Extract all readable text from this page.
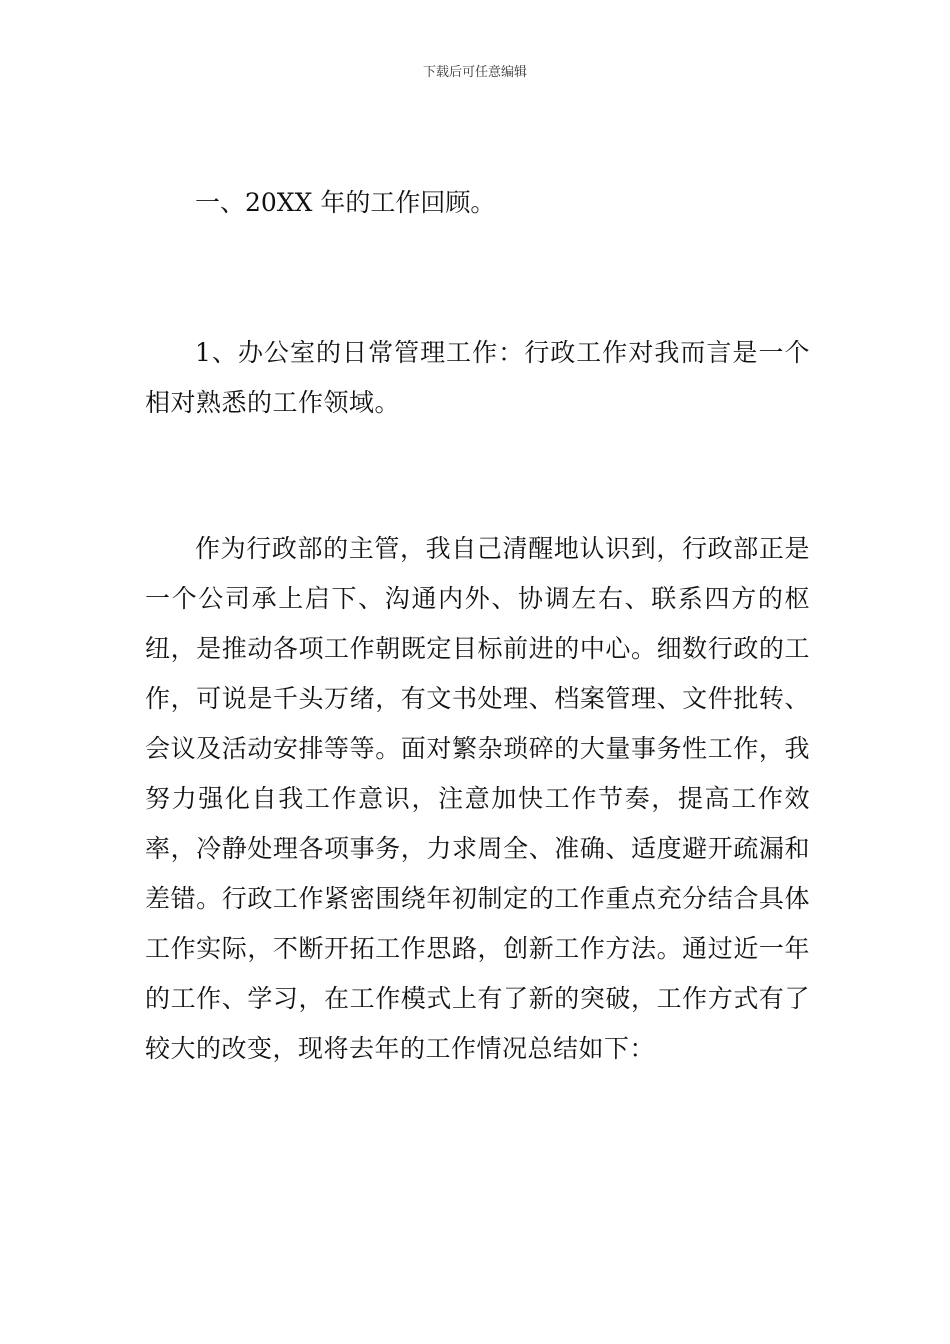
下载后可任意编辑

一、20XX 年的工作回顾。

1、办公室的日常管理工作：行政工作对我而言是一个相对熟悉的工作领域。

作为行政部的主管，我自己清醒地认识到，行政部正是一个公司承上启下、沟通内外、协调左右、联系四方的枢纽，是推动各项工作朝既定目标前进的中心。细数行政的工作，可说是千头万绪，有文书处理、档案管理、文件批转、会议及活动安排等等。面对繁杂琐碎的大量事务性工作，我努力强化自我工作意识，注意加快工作节奏，提高工作效率，冷静处理各项事务，力求周全、准确、适度避开疏漏和差错。行政工作紧密围绕年初制定的工作重点充分结合具体工作实际，不断开拓工作思路，创新工作方法。通过近一年的工作、学习，在工作模式上有了新的突破，工作方式有了较大的改变，现将去年的工作情况总结如下：
